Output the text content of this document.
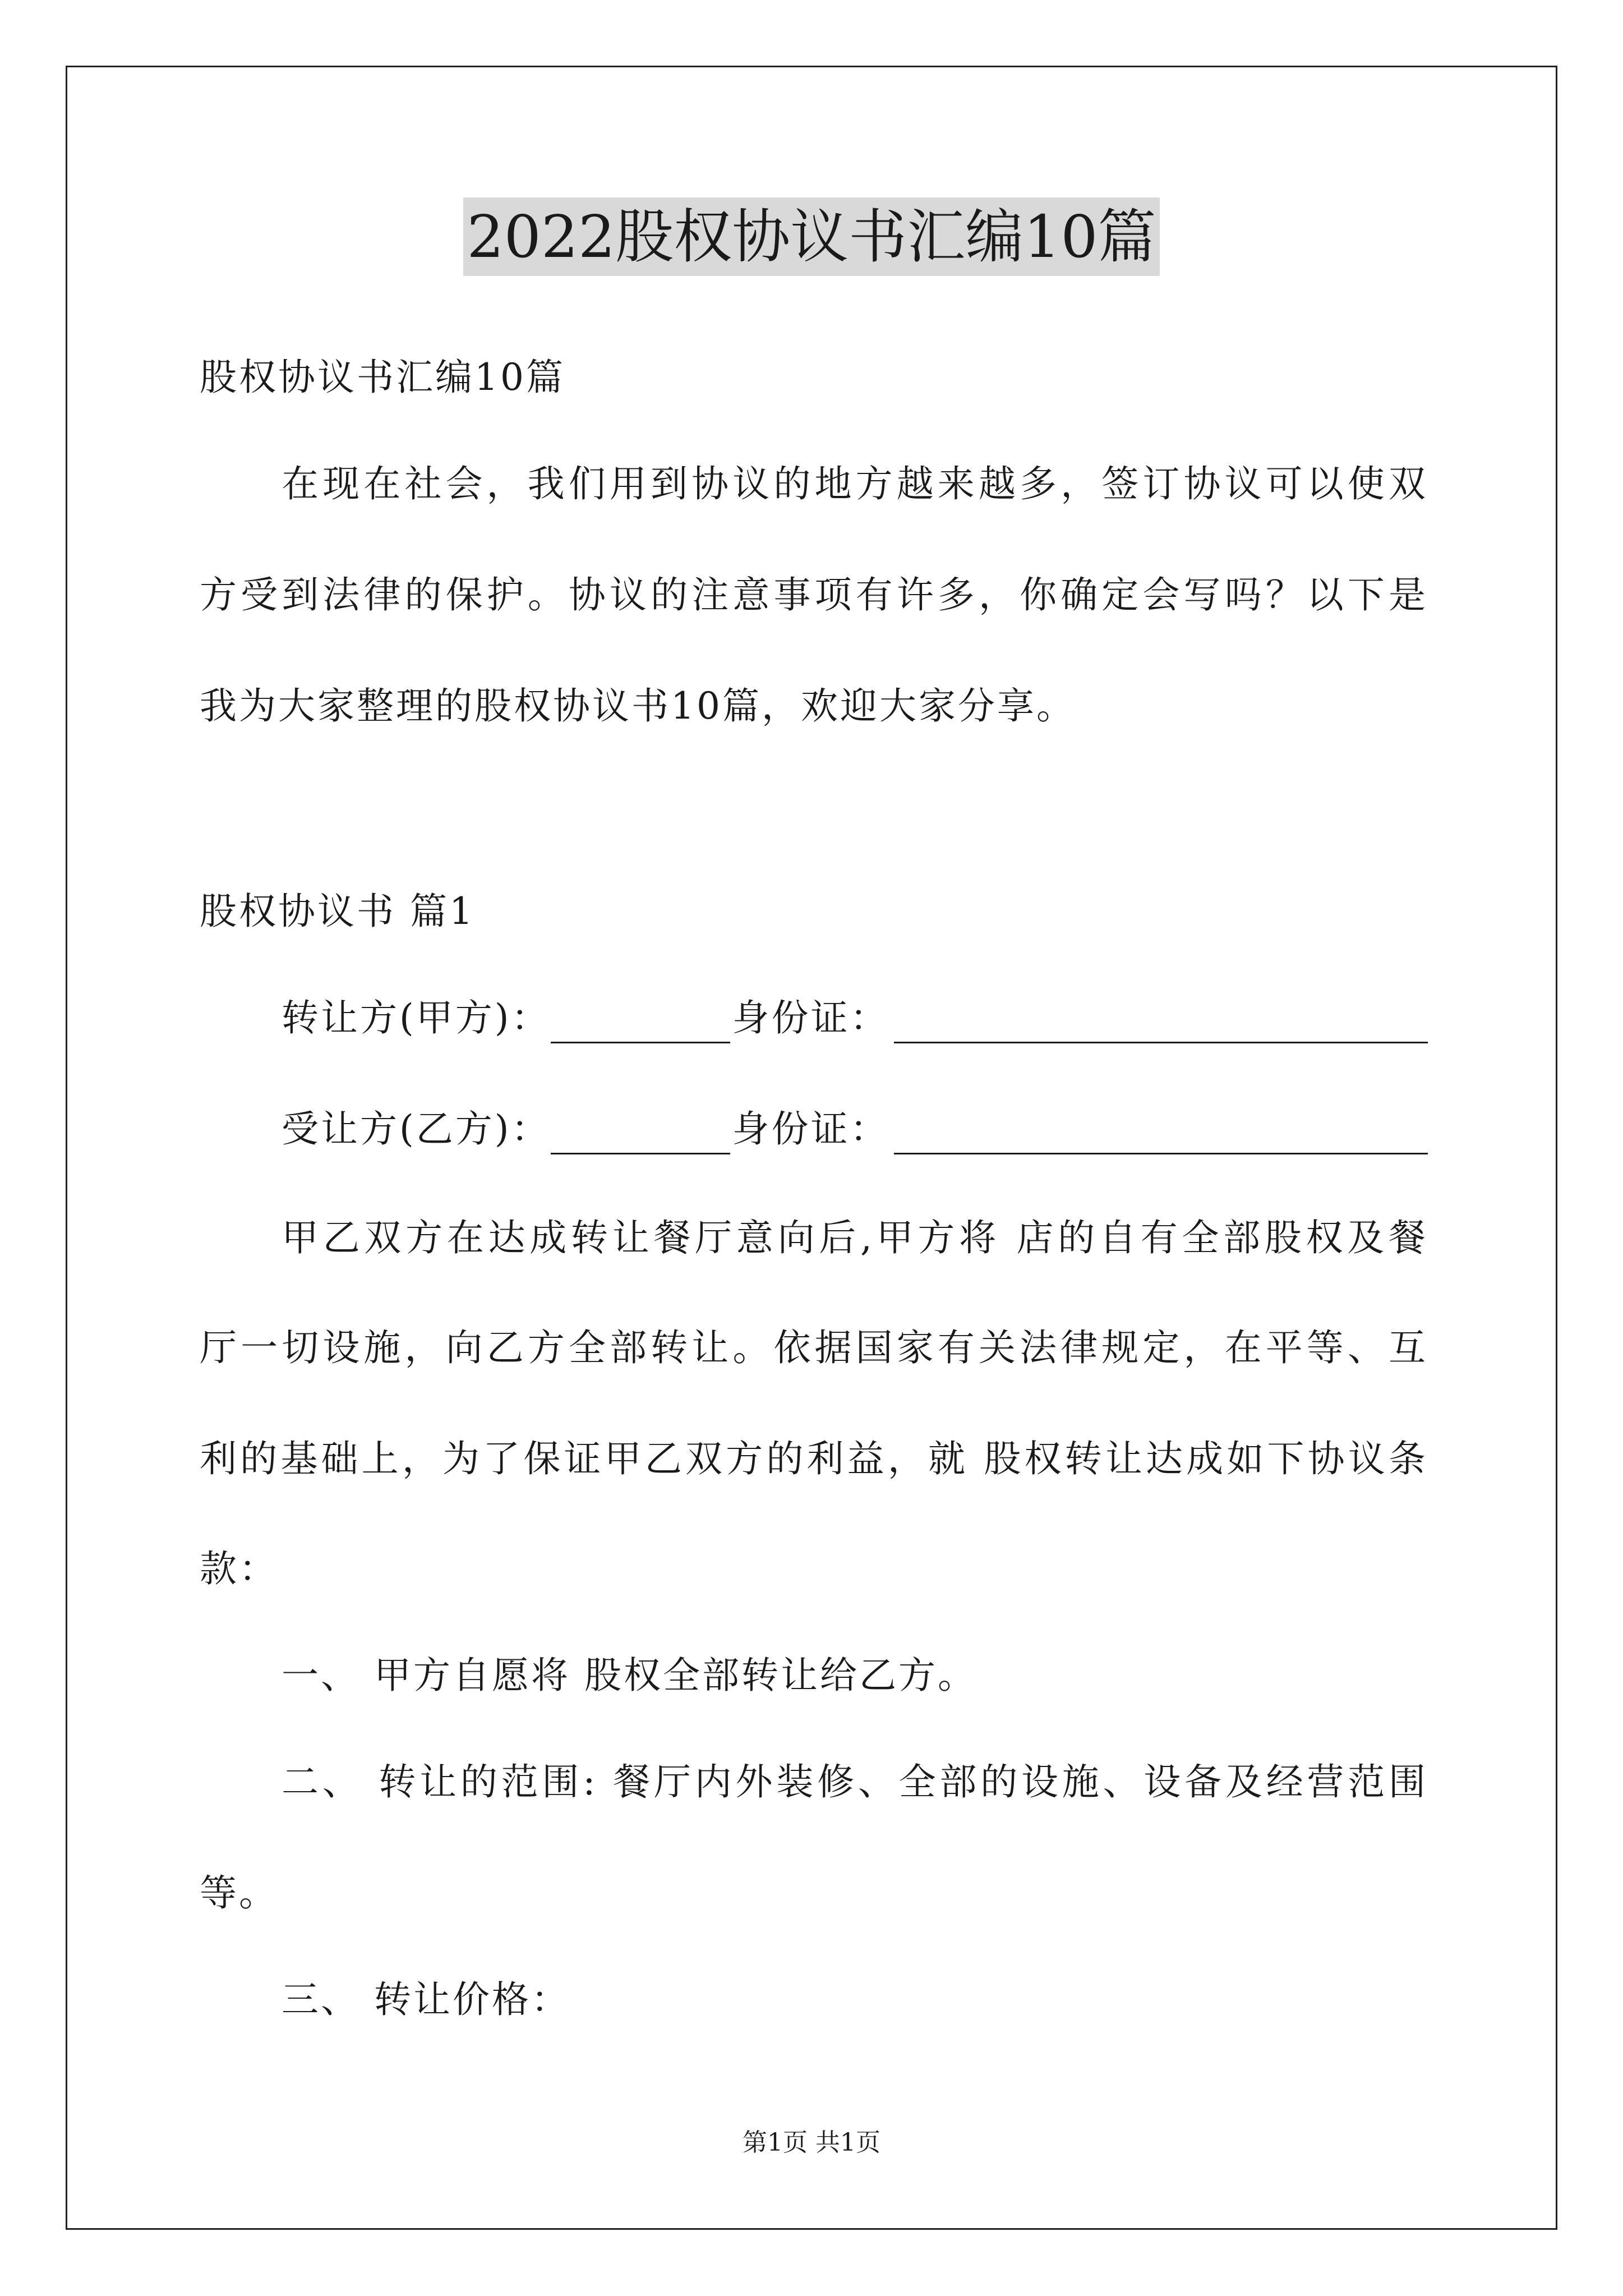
2022股权协议书汇编10篇
股权协议书汇编10篇
在现在社会，我们用到协议的地方越来越多，签订协议可以使双
方受到法律的保护。协议的注意事项有许多，你确定会写吗？以下是
我为大家整理的股权协议书10篇，欢迎大家分享。
股权协议书 篇1
转让方(甲方)：	身份证：
受让方(乙方)：	身份证：
甲乙双方在达成转让餐厅意向后,甲方将 店的自有全部股权及餐
厅一切设施，向乙方全部转让。依据国家有关法律规定，在平等、互
利的基础上，为了保证甲乙双方的利益，就 股权转让达成如下协议条
款：
一、 甲方自愿将 股权全部转让给乙方。
二、 转让的范围: 餐厅内外装修、全部的设施、设备及经营范围
等。
三、 转让价格：
第1页 共1页
